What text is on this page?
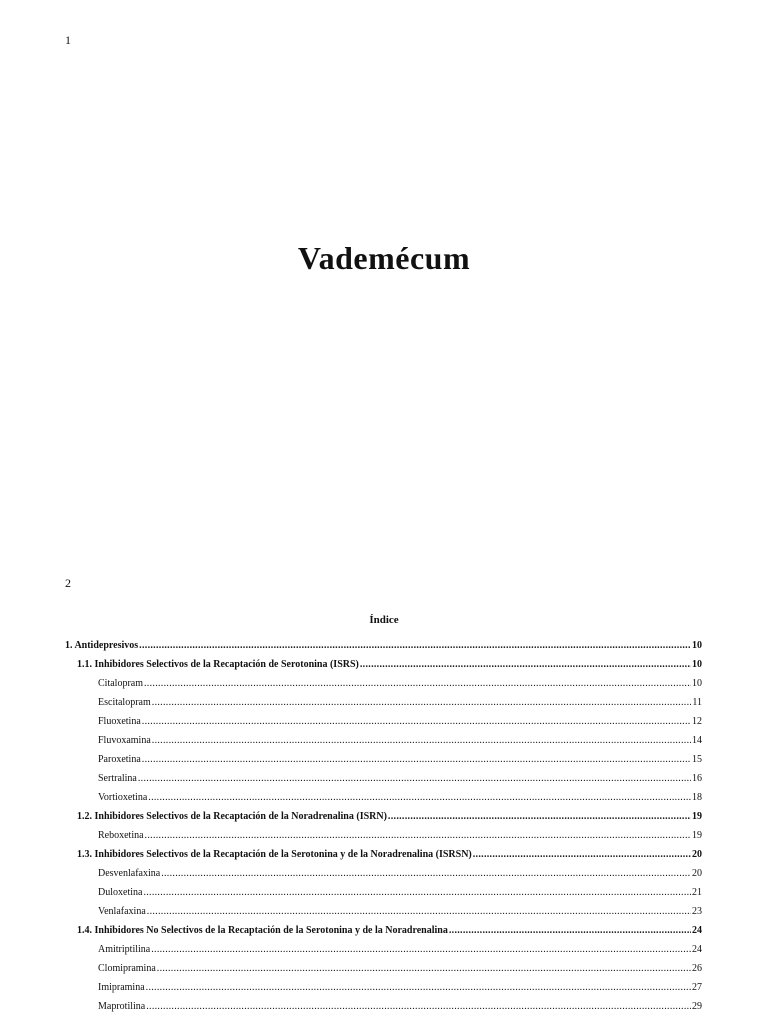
1
Vademécum
2
Índice
1. Antidepresivos .....	10
1.1. Inhibidores Selectivos de la Recaptación de Serotonina (ISRS) .....	10
Citalopram .....	10
Escitalopram .....	11
Fluoxetina .....	12
Fluvoxamina .....	14
Paroxetina .....	15
Sertralina .....	16
Vortioxetina .....	18
1.2. Inhibidores Selectivos de la Recaptación de la Noradrenalina (ISRN) .....	19
Reboxetina .....	19
1.3. Inhibidores Selectivos de la Recaptación de la Serotonina y de la Noradrenalina (ISRSN) .....	20
Desvenlafaxina .....	20
Duloxetina .....	21
Venlafaxina .....	23
1.4. Inhibidores No Selectivos de la Recaptación de la Serotonina y de la Noradrenalina .....	24
Amitriptilina .....	24
Clomipramina .....	26
Imipramina .....	27
Maprotilina .....	29
